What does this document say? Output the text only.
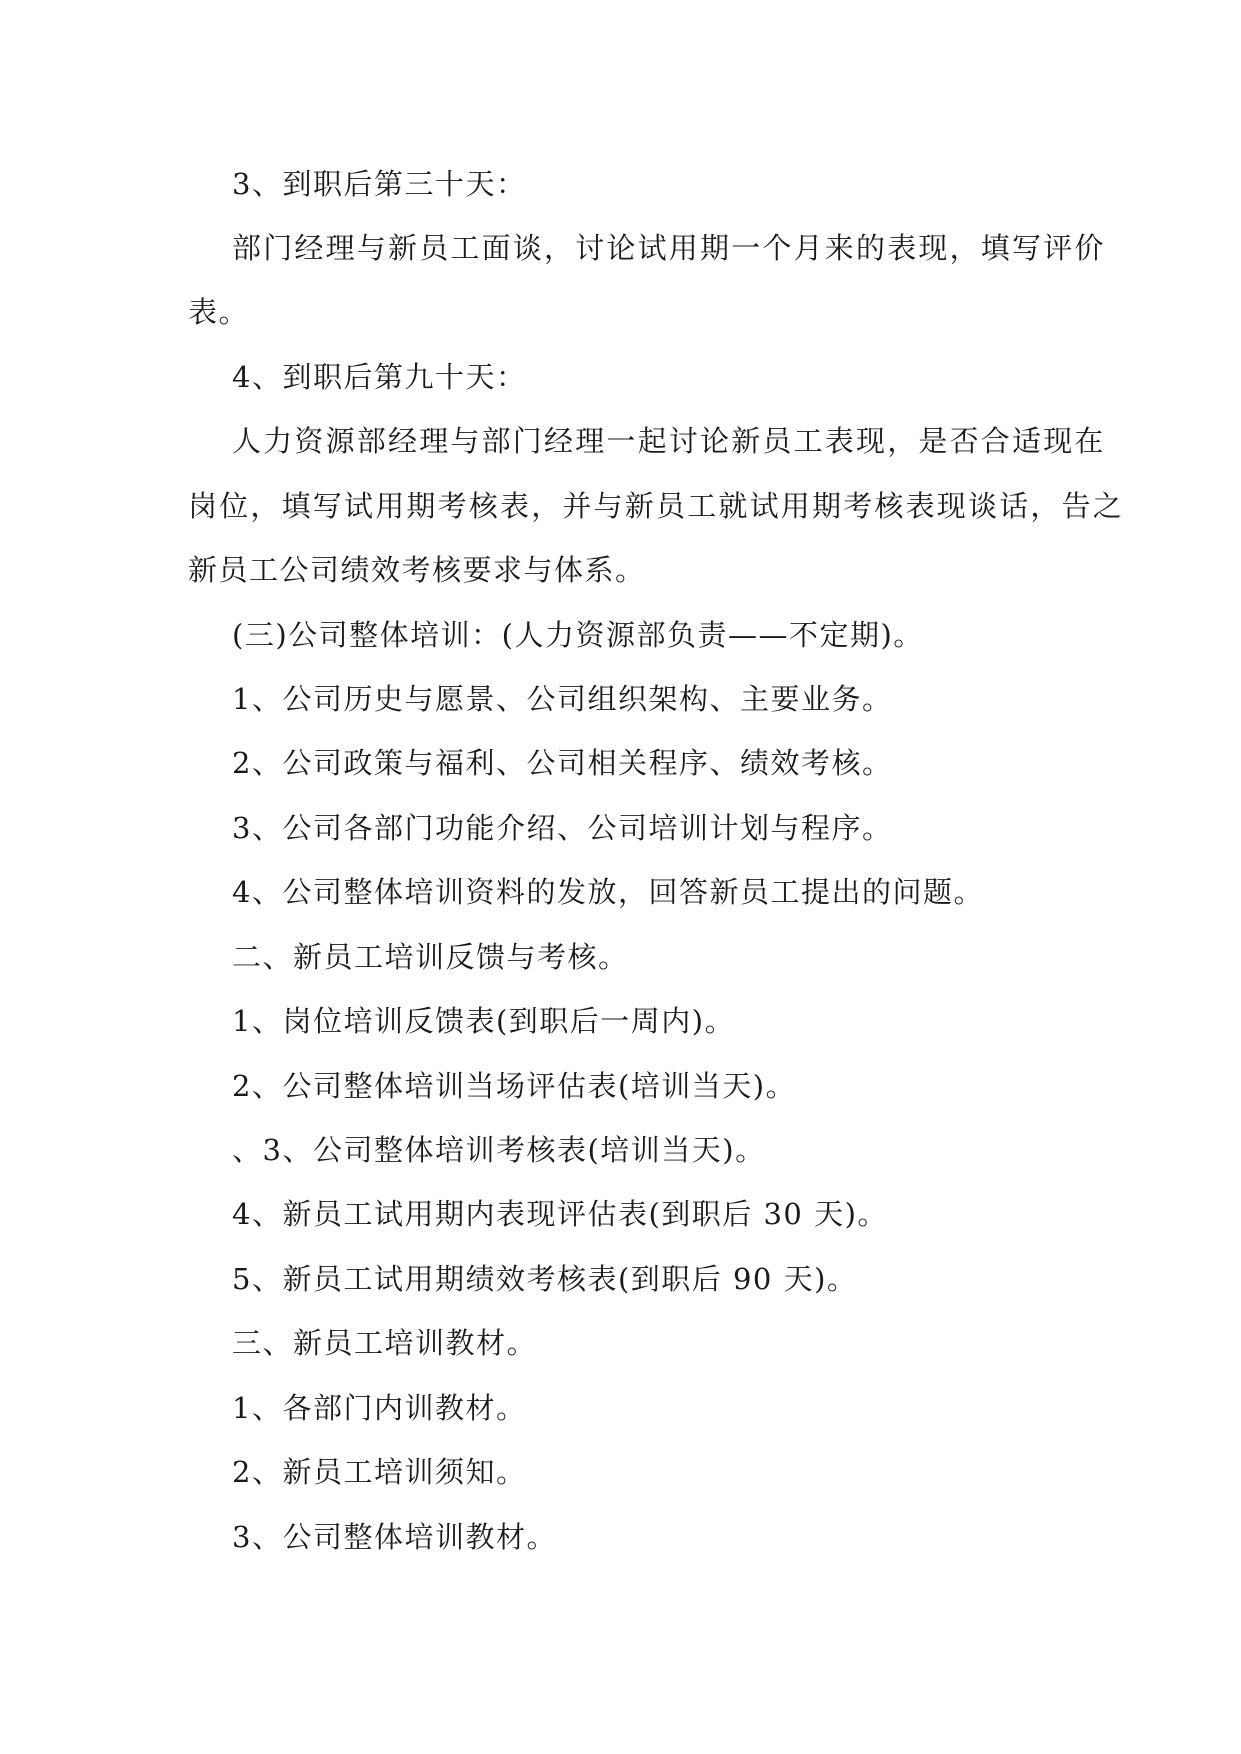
3、到职后第三十天：
部门经理与新员工面谈，讨论试用期一个月来的表现，填写评价
表。
4、到职后第九十天：
人力资源部经理与部门经理一起讨论新员工表现，是否合适现在
岗位，填写试用期考核表，并与新员工就试用期考核表现谈话，告之
新员工公司绩效考核要求与体系。
(三)公司整体培训：(人力资源部负责——不定期)。
1、公司历史与愿景、公司组织架构、主要业务。
2、公司政策与福利、公司相关程序、绩效考核。
3、公司各部门功能介绍、公司培训计划与程序。
4、公司整体培训资料的发放，回答新员工提出的问题。
二、新员工培训反馈与考核。
1、岗位培训反馈表(到职后一周内)。
2、公司整体培训当场评估表(培训当天)。
、3、公司整体培训考核表(培训当天)。
4、新员工试用期内表现评估表(到职后 30 天)。
5、新员工试用期绩效考核表(到职后 90 天)。
三、新员工培训教材。
1、各部门内训教材。
2、新员工培训须知。
3、公司整体培训教材。
